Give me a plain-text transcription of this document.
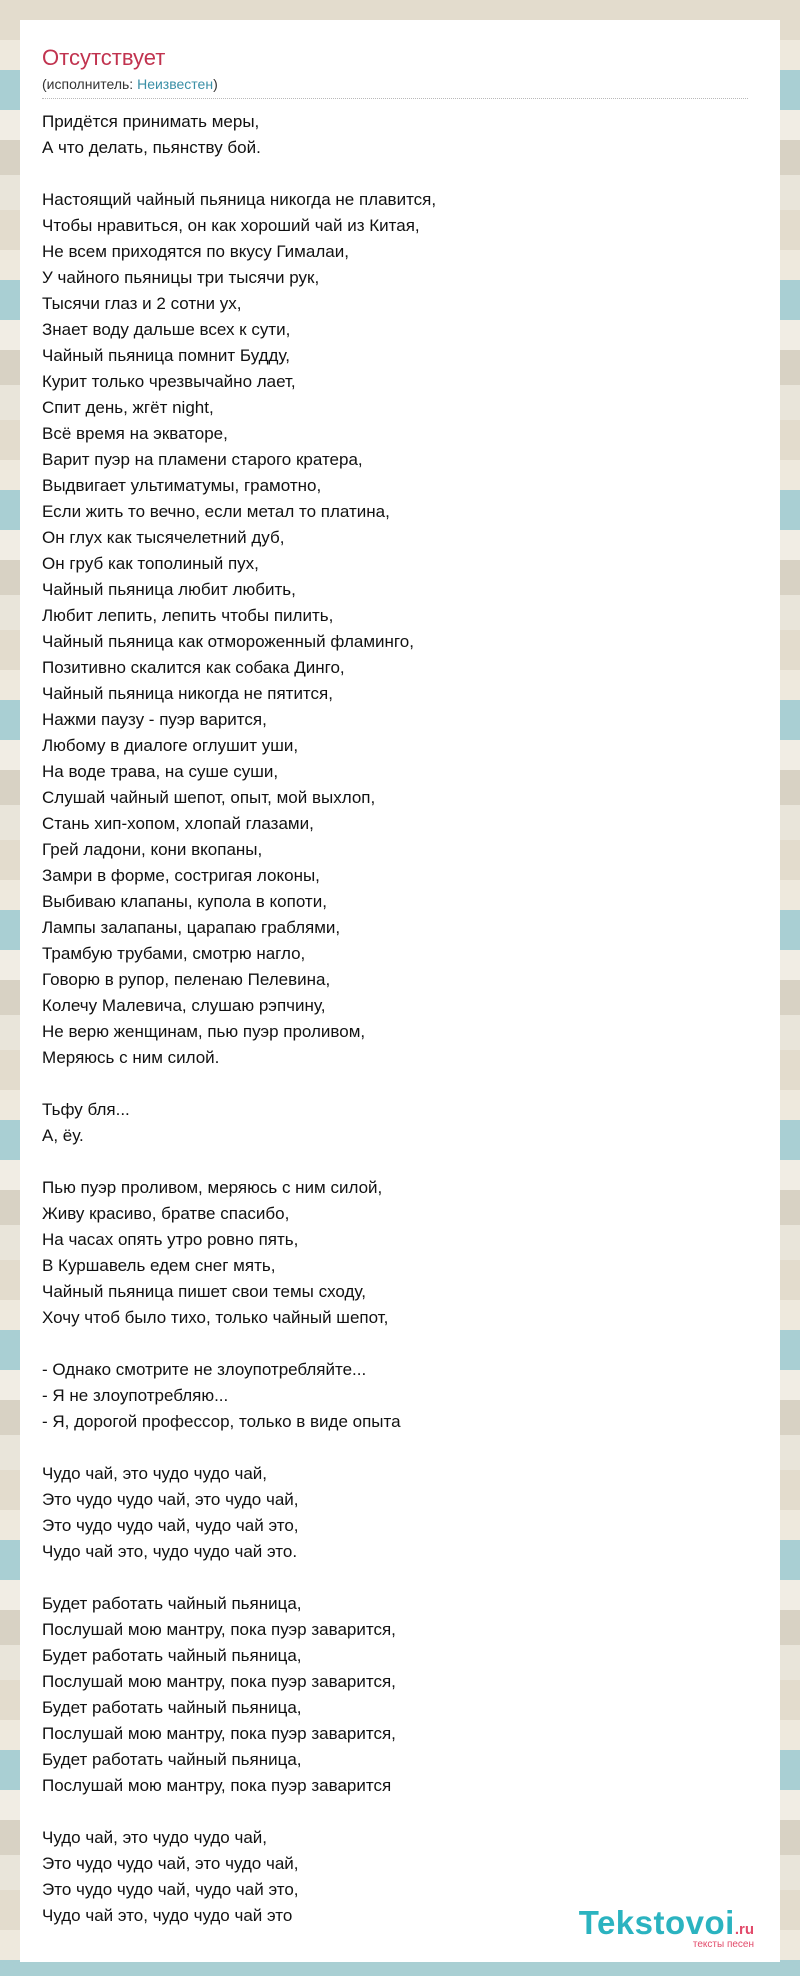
Отсутствует
(исполнитель: Неизвестен)

Придётся принимать меры,
А что делать, пьянству бой.

Настоящий чайный пьяница никогда не плавится,
Чтобы нравиться, он как хороший чай из Китая,
Не всем приходятся по вкусу Гималаи,
У чайного пьяницы три тысячи рук,
Тысячи глаз и 2 сотни ух,
Знает воду дальше всех к сути,
Чайный пьяница помнит Будду,
Курит только чрезвычайно лает,
Спит день, жгёт night,
Всё время на экваторе,
Варит пуэр на пламени старого кратера,
Выдвигает ультиматумы, грамотно,
Если жить то вечно, если метал то платина,
Он глух как тысячелетний дуб,
Он груб как тополиный пух,
Чайный пьяница любит любить,
Любит лепить, лепить чтобы пилить,
Чайный пьяница как отмороженный фламинго,
Позитивно скалится как собака Динго,
Чайный пьяница никогда не пятится,
Нажми паузу - пуэр варится,
Любому в диалоге оглушит уши,
На воде трава, на суше суши,
Слушай чайный шепот, опыт, мой выхлоп,
Стань хип-хопом, хлопай глазами,
Грей ладони, кони вкопаны,
Замри в форме, состригая локоны,
Выбиваю клапаны, купола в копоти,
Лампы залапаны, царапаю граблями,
Трамбую трубами, смотрю нагло,
Говорю в рупор, пеленаю Пелевина,
Колечу Малевича, слушаю рэпчину,
Не верю женщинам, пью пуэр проливом,
Меряюсь с ним силой.

Тьфу бля...
А, ёу.

Пью пуэр проливом, меряюсь с ним силой,
Живу красиво, братве спасибо,
На часах опять утро ровно пять,
В Куршавель едем снег мять,
Чайный пьяница пишет свои темы сходу,
Хочу чтоб было тихо, только чайный шепот,

- Однако смотрите не злоупотребляйте...
- Я не злоупотребляю...
- Я, дорогой профессор, только в виде опыта

Чудо чай, это чудо чудо чай,
Это чудо чудо чай, это чудо чай,
Это чудо чудо чай, чудо чай это,
Чудо чай это, чудо чудо чай это.

Будет работать чайный пьяница,
Послушай мою мантру, пока пуэр заварится,
Будет работать чайный пьяница,
Послушай мою мантру, пока пуэр заварится,
Будет работать чайный пьяница,
Послушай мою мантру, пока пуэр заварится,
Будет работать чайный пьяница,
Послушай мою мантру, пока пуэр заварится

Чудо чай, это чудо чудо чай,
Это чудо чудо чай, это чудо чай,
Это чудо чудо чай, чудо чай это,
Чудо чай это, чудо чудо чай это	Tekstovoi.ru
тексты песен
